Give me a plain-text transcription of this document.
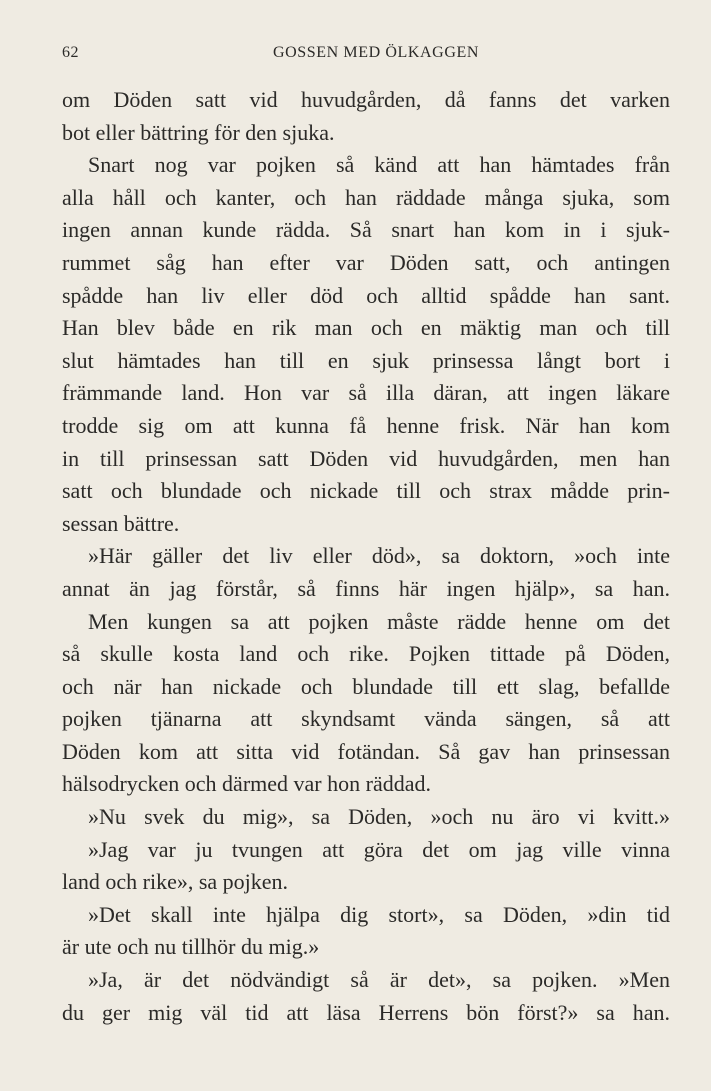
62	GOSSEN MED ÖLKAGGEN
om Döden satt vid huvudgården, då fanns det varken
bot eller bättring för den sjuka.
Snart nog var pojken så känd att han hämtades från
alla håll och kanter, och han räddade många sjuka, som
ingen annan kunde rädda. Så snart han kom in i sjuk-
rummet såg han efter var Döden satt, och antingen
spådde han liv eller död och alltid spådde han sant.
Han blev både en rik man och en mäktig man och till
slut hämtades han till en sjuk prinsessa långt bort i
främmande land. Hon var så illa däran, att ingen läkare
trodde sig om att kunna få henne frisk. När han kom
in till prinsessan satt Döden vid huvudgården, men han
satt och blundade och nickade till och strax mådde prin-
sessan bättre.
»Här gäller det liv eller död», sa doktorn, »och inte
annat än jag förstår, så finns här ingen hjälp», sa han.
Men kungen sa att pojken måste rädde henne om det
så skulle kosta land och rike. Pojken tittade på Döden,
och när han nickade och blundade till ett slag, befallde
pojken tjänarna att skyndsamt vända sängen, så att
Döden kom att sitta vid fotändan. Så gav han prinsessan
hälsodrycken och därmed var hon räddad.
»Nu svek du mig», sa Döden, »och nu äro vi kvitt.»
»Jag var ju tvungen att göra det om jag ville vinna
land och rike», sa pojken.
»Det skall inte hjälpa dig stort», sa Döden, »din tid
är ute och nu tillhör du mig.»
»Ja, är det nödvändigt så är det», sa pojken. »Men
du ger mig väl tid att läsa Herrens bön först?» sa han.
